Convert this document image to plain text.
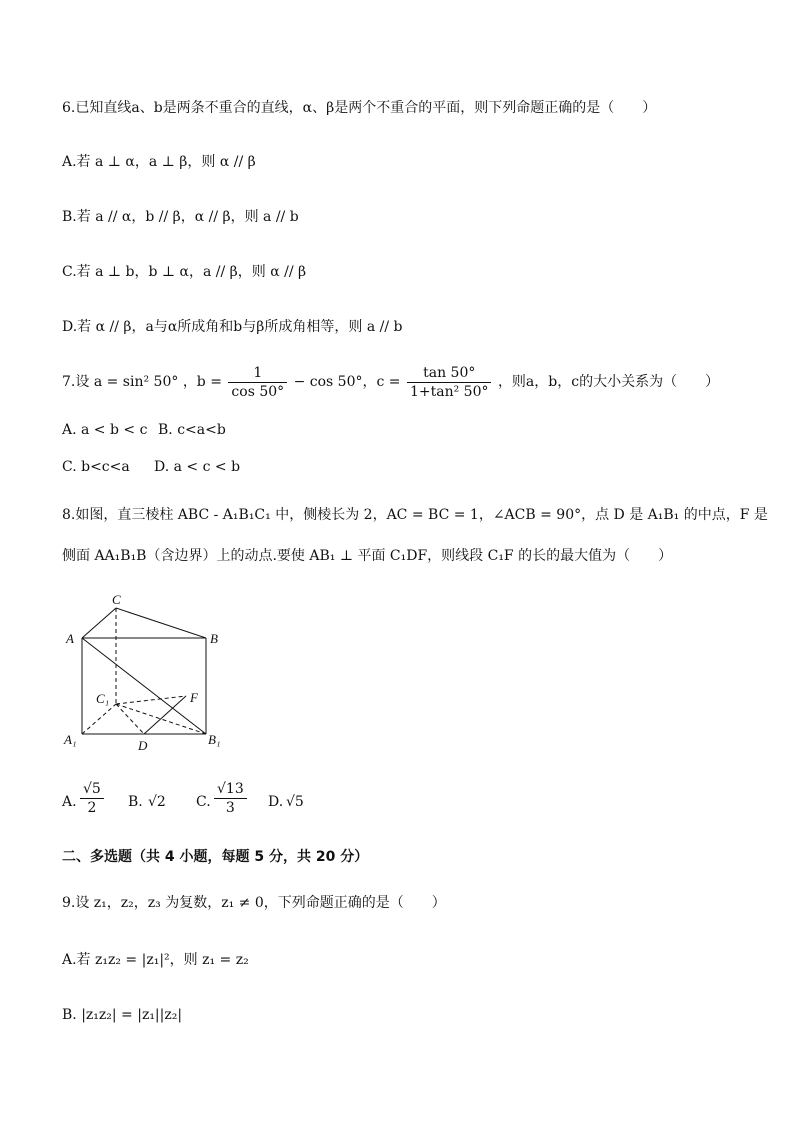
6.已知直线a、b是两条不重合的直线，α、β是两个不重合的平面，则下列命题正确的是（　　）
A.若 a ⊥ α，a ⊥ β，则 α // β
B.若 a // α，b // β，α // β，则 a // b
C.若 a ⊥ b，b ⊥ α，a // β，则 α // β
D.若 α // β，a与α所成角和b与β所成角相等，则 a // b
7.设 a = sin² 50° ，$b = \frac{1}{\cos 50^\circ} - \cos 50^\circ$，$c = \frac{\tan 50^\circ}{\text{1+tan² 50°}}$ ，则a，b，c的大小关系为（　　）
A. a < b < c B. c<a<b
C. b<c<a D. a < c < b
8.如图，直三棱柱 ABC - A₁B₁C₁ 中，侧棱长为 2，AC = BC = 1，∠ACB = 90°，点 D 是 A₁B₁ 的中点，F 是
侧面 AA₁B₁B（含边界）上的动点.要使 AB₁ ⊥ 平面 C₁DF，则线段 C₁F 的长的最大值为（　　）
C
A	B
C₁	F
A₁	D	B₁
A. $\frac{√5}{2} B$. √2 C. $\frac{√13}{3} D$. √5
二、多选题（共 4 小题，每题 5 分，共 20 分）
9.设 z₁，z₂，z₃ 为复数，z₁ ≠ 0，下列命题正确的是（　　）
A.若 z₁z₂ = |z₁|²，则 z₁ = z₂
B. |z₁z₂| = |z₁||z₂|
